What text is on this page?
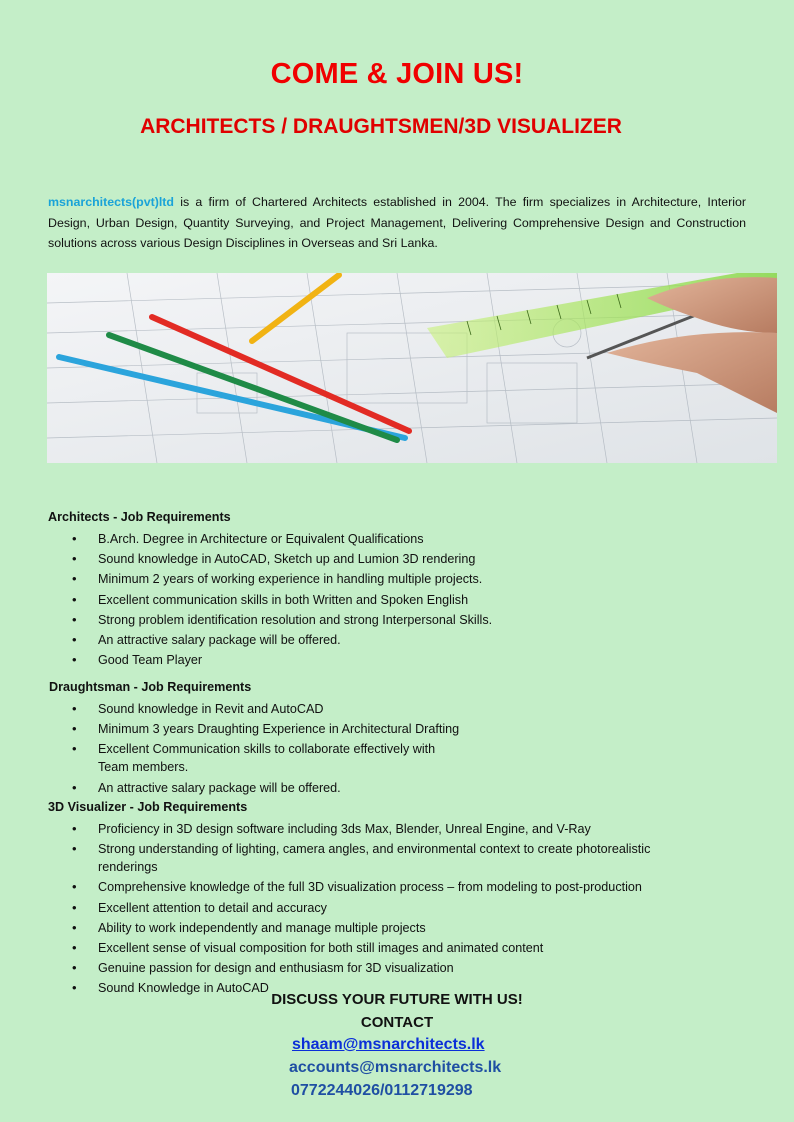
COME & JOIN US!
ARCHITECTS / DRAUGHTSMEN/3D VISUALIZER
msnarchitects(pvt)ltd is a firm of Chartered Architects established in 2004. The firm specializes in Architecture, Interior Design, Urban Design, Quantity Surveying, and Project Management, Delivering Comprehensive Design and Construction solutions across various Design Disciplines in Overseas and Sri Lanka.

Architects - Job Requirements

• B.Arch. Degree in Architecture or Equivalent Qualifications
• Sound knowledge in AutoCAD, Sketch up and Lumion 3D rendering
• Minimum 2 years of working experience in handling multiple projects.
• Excellent communication skills in both Written and Spoken English
• Strong problem identification resolution and strong Interpersonal Skills.
• An attractive salary package will be offered.
• Good Team Player

Draughtsman - Job Requirements

• Sound knowledge in Revit and AutoCAD
• Minimum 3 years Draughting Experience in Architectural Drafting
• Excellent Communication skills to collaborate effectively with Team members.
• An attractive salary package will be offered.

3D Visualizer - Job Requirements

• Proficiency in 3D design software including 3ds Max, Blender, Unreal Engine, and V-Ray
• Strong understanding of lighting, camera angles, and environmental context to create photorealistic renderings
• Comprehensive knowledge of the full 3D visualization process – from modeling to post-production
• Excellent attention to detail and accuracy
• Ability to work independently and manage multiple projects
• Excellent sense of visual composition for both still images and animated content
• Genuine passion for design and enthusiasm for 3D visualization
• Sound Knowledge in AutoCAD
DISCUSS YOUR FUTURE WITH US!
CONTACT
shaam@msnarchitects.lk
accounts@msnarchitects.lk
0772244026/0112719298
